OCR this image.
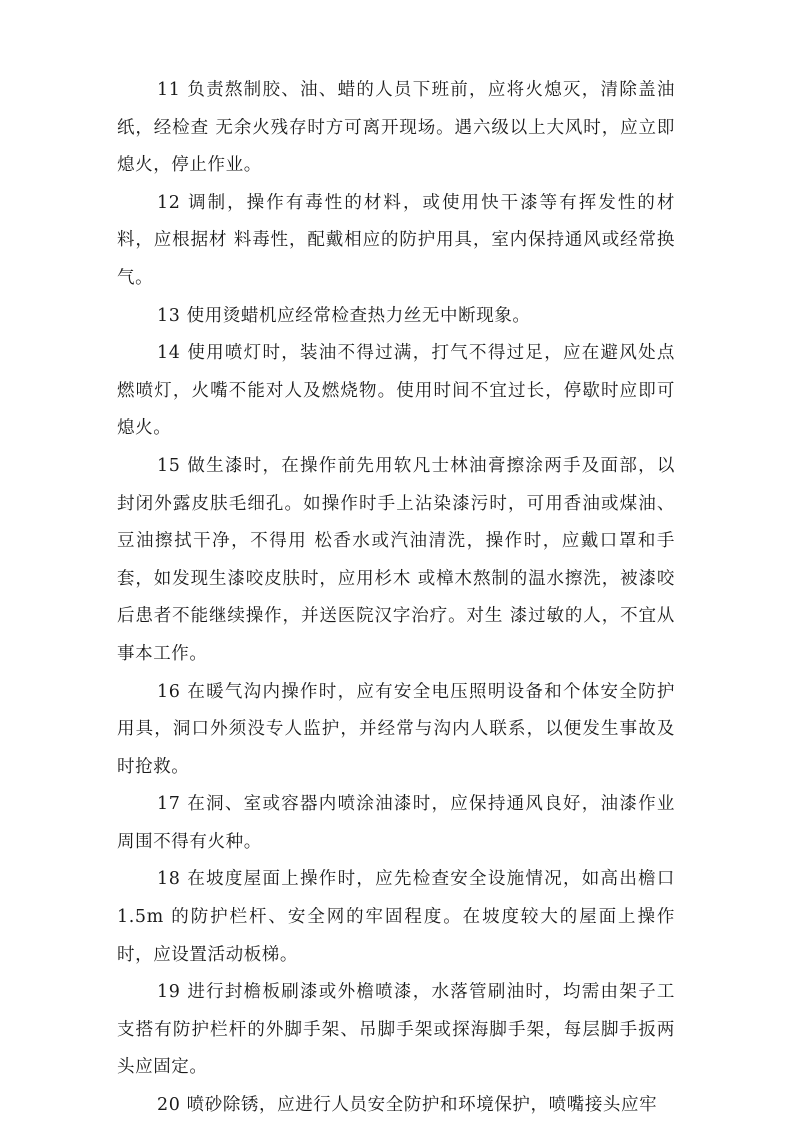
11 负责熬制胶、油、蜡的人员下班前，应将火熄灭，清除盖油纸，经检查 无余火残存时方可离开现场。遇六级以上大风时，应立即熄火，停止作业。

12 调制，操作有毒性的材料，或使用快干漆等有挥发性的材料，应根据材 料毒性，配戴相应的防护用具，室内保持通风或经常换气。

13 使用烫蜡机应经常检查热力丝无中断现象。

14 使用喷灯时，装油不得过满，打气不得过足，应在避风处点燃喷灯，火嘴不能对人及燃烧物。使用时间不宜过长，停歇时应即可熄火。

15 做生漆时，在操作前先用软凡士林油膏擦涂两手及面部，以封闭外露皮肤毛细孔。如操作时手上沾染漆污时，可用香油或煤油、豆油擦拭干净，不得用 松香水或汽油清洗，操作时，应戴口罩和手套，如发现生漆咬皮肤时，应用杉木 或樟木熬制的温水擦洗，被漆咬后患者不能继续操作，并送医院汉字治疗。对生 漆过敏的人，不宜从事本工作。

16 在暖气沟内操作时，应有安全电压照明设备和个体安全防护用具，洞口外须没专人监护，并经常与沟内人联系，以便发生事故及时抢救。

17 在洞、室或容器内喷涂油漆时，应保持通风良好，油漆作业周围不得有火种。

18 在坡度屋面上操作时，应先检查安全设施情况，如高出檐口 1.5m 的防护栏杆、安全网的牢固程度。在坡度较大的屋面上操作时，应设置活动板梯。

19 进行封檐板刷漆或外檐喷漆，水落管刷油时，均需由架子工支搭有防护栏杆的外脚手架、吊脚手架或探海脚手架，每层脚手扳两头应固定。

20 喷砂除锈，应进行人员安全防护和环境保护，喷嘴接头应牢
